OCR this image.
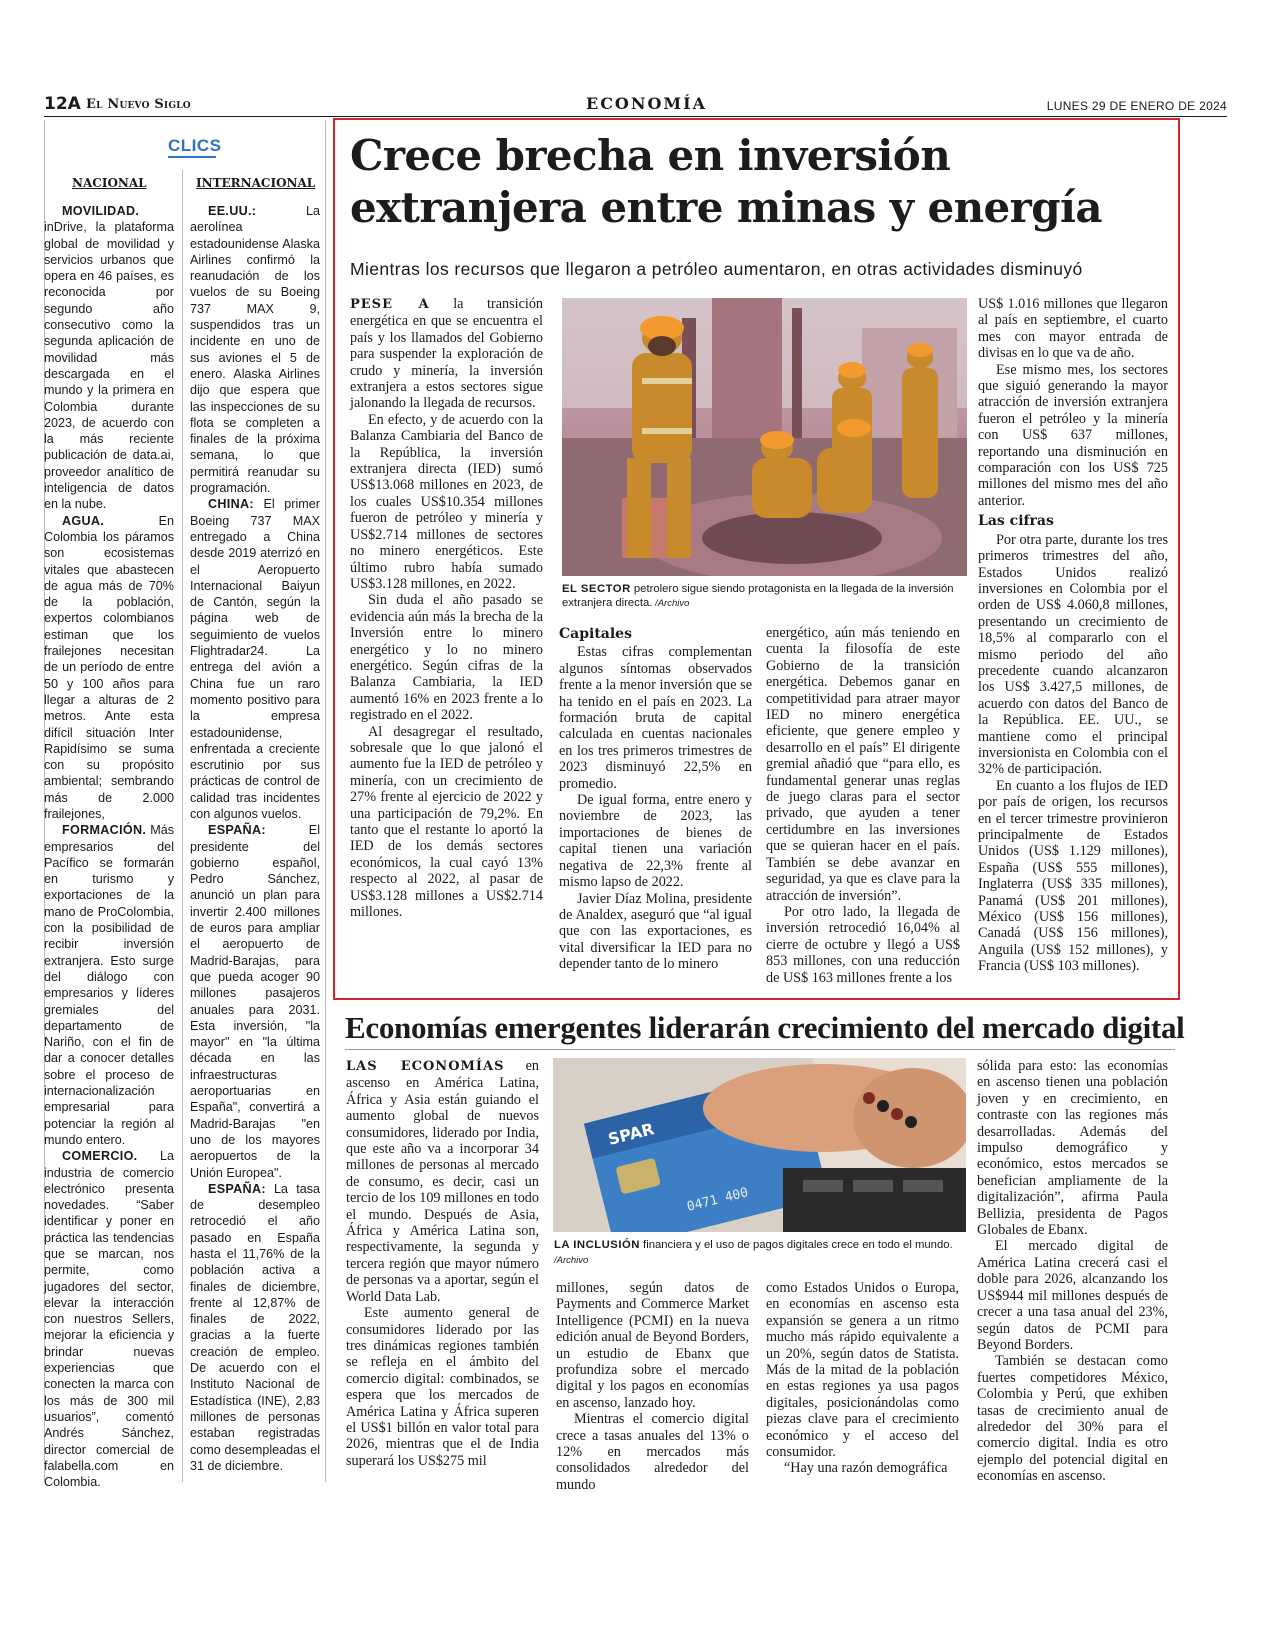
12A El Nuevo Siglo	ECONOMÍA	LUNES 29 DE ENERO DE 2024
CLICS
NACIONAL	INTERNACIONAL

MOVILIDAD. inDrive, la plataforma global de movilidad y servicios urbanos que opera en 46 países, es reconocida por segundo año consecutivo como la segunda aplicación de movilidad más descargada en el mundo y la primera en Colombia durante 2023, de acuerdo con la más reciente publicación de data.ai, proveedor analítico de inteligencia de datos en la nube.

AGUA. En Colombia los páramos son ecosistemas vitales que abastecen de agua más de 70% de la población, expertos colombianos estiman que los frailejones necesitan de un período de entre 50 y 100 años para llegar a alturas de 2 metros. Ante esta difícil situación Inter Rapidísimo se suma con su propósito ambiental; sembrando más de 2.000 frailejones,

FORMACIÓN. Más empresarios del Pacífico se formarán en turismo y exportaciones de la mano de ProColombia, con la posibilidad de recibir inversión extranjera. Esto surge del diálogo con empresarios y líderes gremiales del departamento de Nariño, con el fin de dar a conocer detalles sobre el proceso de internacionalización empresarial para potenciar la región al mundo entero.

COMERCIO. La industria de comercio electrónico presenta novedades. “Saber identificar y poner en práctica las tendencias que se marcan, nos permite, como jugadores del sector, elevar la interacción con nuestros Sellers, mejorar la eficiencia y brindar nuevas experiencias que conecten la marca con los más de 300 mil usuarios”, comentó Andrés Sánchez, director comercial de falabella.com en Colombia.

EE.UU.: La aerolínea estadounidense Alaska Airlines confirmó la reanudación de los vuelos de su Boeing 737 MAX 9, suspendidos tras un incidente en uno de sus aviones el 5 de enero. Alaska Airlines dijo que espera que las inspecciones de su flota se completen a finales de la próxima semana, lo que permitirá reanudar su programación.

CHINA: El primer Boeing 737 MAX entregado a China desde 2019 aterrizó en el Aeropuerto Internacional Baiyun de Cantón, según la página web de seguimiento de vuelos Flightradar24. La entrega del avión a China fue un raro momento positivo para la empresa estadounidense, enfrentada a creciente escrutinio por sus prácticas de control de calidad tras incidentes con algunos vuelos.

ESPAÑA: El presidente del gobierno español, Pedro Sánchez, anunció un plan para invertir 2.400 millones de euros para ampliar el aeropuerto de Madrid-Barajas, para que pueda acoger 90 millones pasajeros anuales para 2031. Esta inversión, "la mayor" en "la última década en las infraestructuras aeroportuarias en España", convertirá a Madrid-Barajas "en uno de los mayores aeropuertos de la Unión Europea".

ESPAÑA: La tasa de desempleo retrocedió el año pasado en España hasta el 11,76% de la población activa a finales de diciembre, frente al 12,87% de finales de 2022, gracias a la fuerte creación de empleo. De acuerdo con el Instituto Nacional de Estadística (INE), 2,83 millones de personas estaban registradas como desempleadas el 31 de diciembre.

Crece brecha en inversión extranjera entre minas y energía
Mientras los recursos que llegaron a petróleo aumentaron, en otras actividades disminuyó

PESE A la transición energética en que se encuentra el país y los llamados del Gobierno para suspender la exploración de crudo y minería, la inversión extranjera a estos sectores sigue jalonando la llegada de recursos.

En efecto, y de acuerdo con la Balanza Cambiaria del Banco de la República, la inversión extranjera directa (IED) sumó US$13.068 millones en 2023, de los cuales US$10.354 millones fueron de petróleo y minería y US$2.714 millones de sectores no minero energéticos. Este último rubro había sumado US$3.128 millones, en 2022.

Sin duda el año pasado se evidencia aún más la brecha de la Inversión entre lo minero energético y lo no minero energético. Según cifras de la Balanza Cambiaria, la IED aumentó 16% en 2023 frente a lo registrado en el 2022.

Al desagregar el resultado, sobresale que lo que jalonó el aumento fue la IED de petróleo y minería, con un crecimiento de 27% frente al ejercicio de 2022 y una participación de 79,2%. En tanto que el restante lo aportó la IED de los demás sectores económicos, la cual cayó 13% respecto al 2022, al pasar de US$3.128 millones a US$2.714 millones.

EL SECTOR petrolero sigue siendo protagonista en la llegada de la inversión extranjera directa. /Archivo

Capitales

Estas cifras complementan algunos síntomas observados frente a la menor inversión que se ha tenido en el país en 2023. La formación bruta de capital calculada en cuentas nacionales en los tres primeros trimestres de 2023 disminuyó 22,5% en promedio.

De igual forma, entre enero y noviembre de 2023, las importaciones de bienes de capital tienen una variación negativa de 22,3% frente al mismo lapso de 2022.

Javier Díaz Molina, presidente de Analdex, aseguró que “al igual que con las exportaciones, es vital diversificar la IED para no depender tanto de lo minero

energético, aún más teniendo en cuenta la filosofía de este Gobierno de la transición energética. Debemos ganar en competitividad para atraer mayor IED no minero energética eficiente, que genere empleo y desarrollo en el país” El dirigente gremial añadió que “para ello, es fundamental generar unas reglas de juego claras para el sector privado, que ayuden a tener certidumbre en las inversiones que se quieran hacer en el país. También se debe avanzar en seguridad, ya que es clave para la atracción de inversión”.

Por otro lado, la llegada de inversión retrocedió 16,04% al cierre de octubre y llegó a US$ 853 millones, con una reducción de US$ 163 millones frente a los

US$ 1.016 millones que llegaron al país en septiembre, el cuarto mes con mayor entrada de divisas en lo que va de año.

Ese mismo mes, los sectores que siguió generando la mayor atracción de inversión extranjera fueron el petróleo y la minería con US$ 637 millones, reportando una disminución en comparación con los US$ 725 millones del mismo mes del año anterior.

Las cifras

Por otra parte, durante los tres primeros trimestres del año, Estados Unidos realizó inversiones en Colombia por el orden de US$ 4.060,8 millones, presentando un crecimiento de 18,5% al compararlo con el mismo periodo del año precedente cuando alcanzaron los US$ 3.427,5 millones, de acuerdo con datos del Banco de la República. EE. UU., se mantiene como el principal inversionista en Colombia con el 32% de participación.

En cuanto a los flujos de IED por país de origen, los recursos en el tercer trimestre provinieron principalmente de Estados Unidos (US$ 1.129 millones), España (US$ 555 millones), Inglaterra (US$ 335 millones), Panamá (US$ 201 millones), México (US$ 156 millones), Canadá (US$ 156 millones), Anguila (US$ 152 millones), y Francia (US$ 103 millones).

Economías emergentes liderarán crecimiento del mercado digital

LAS ECONOMÍAS en ascenso en América Latina, África y Asia están guiando el aumento global de nuevos consumidores, liderado por India, que este año va a incorporar 34 millones de personas al mercado de consumo, es decir, casi un tercio de los 109 millones en todo el mundo. Después de Asia, África y América Latina son, respectivamente, la segunda y tercera región que mayor número de personas va a aportar, según el World Data Lab.

Este aumento general de consumidores liderado por las tres dinámicas regiones también se refleja en el ámbito del comercio digital: combinados, se espera que los mercados de América Latina y África superen el US$1 billón en valor total para 2026, mientras que el de India superará los US$275 mil

SPAR
0471 400
LA INCLUSIÓN financiera y el uso de pagos digitales crece en todo el mundo. /Archivo

millones, según datos de Payments and Commerce Market Intelligence (PCMI) en la nueva edición anual de Beyond Borders, un estudio de Ebanx que profundiza sobre el mercado digital y los pagos en economías en ascenso, lanzado hoy.

Mientras el comercio digital crece a tasas anuales del 13% o 12% en mercados más consolidados alrededor del mundo

como Estados Unidos o Europa, en economías en ascenso esta expansión se genera a un ritmo mucho más rápido equivalente a un 20%, según datos de Statista. Más de la mitad de la población en estas regiones ya usa pagos digitales, posicionándolas como piezas clave para el crecimiento económico y el acceso del consumidor.

“Hay una razón demográfica

sólida para esto: las economías en ascenso tienen una población joven y en crecimiento, en contraste con las regiones más desarrolladas. Además del impulso demográfico y económico, estos mercados se benefician ampliamente de la digitalización”, afirma Paula Bellizia, presidenta de Pagos Globales de Ebanx.

El mercado digital de América Latina crecerá casi el doble para 2026, alcanzando los US$944 mil millones después de crecer a una tasa anual del 23%, según datos de PCMI para Beyond Borders.

También se destacan como fuertes competidores México, Colombia y Perú, que exhiben tasas de crecimiento anual de alrededor del 30% para el comercio digital. India es otro ejemplo del potencial digital en economías en ascenso.
